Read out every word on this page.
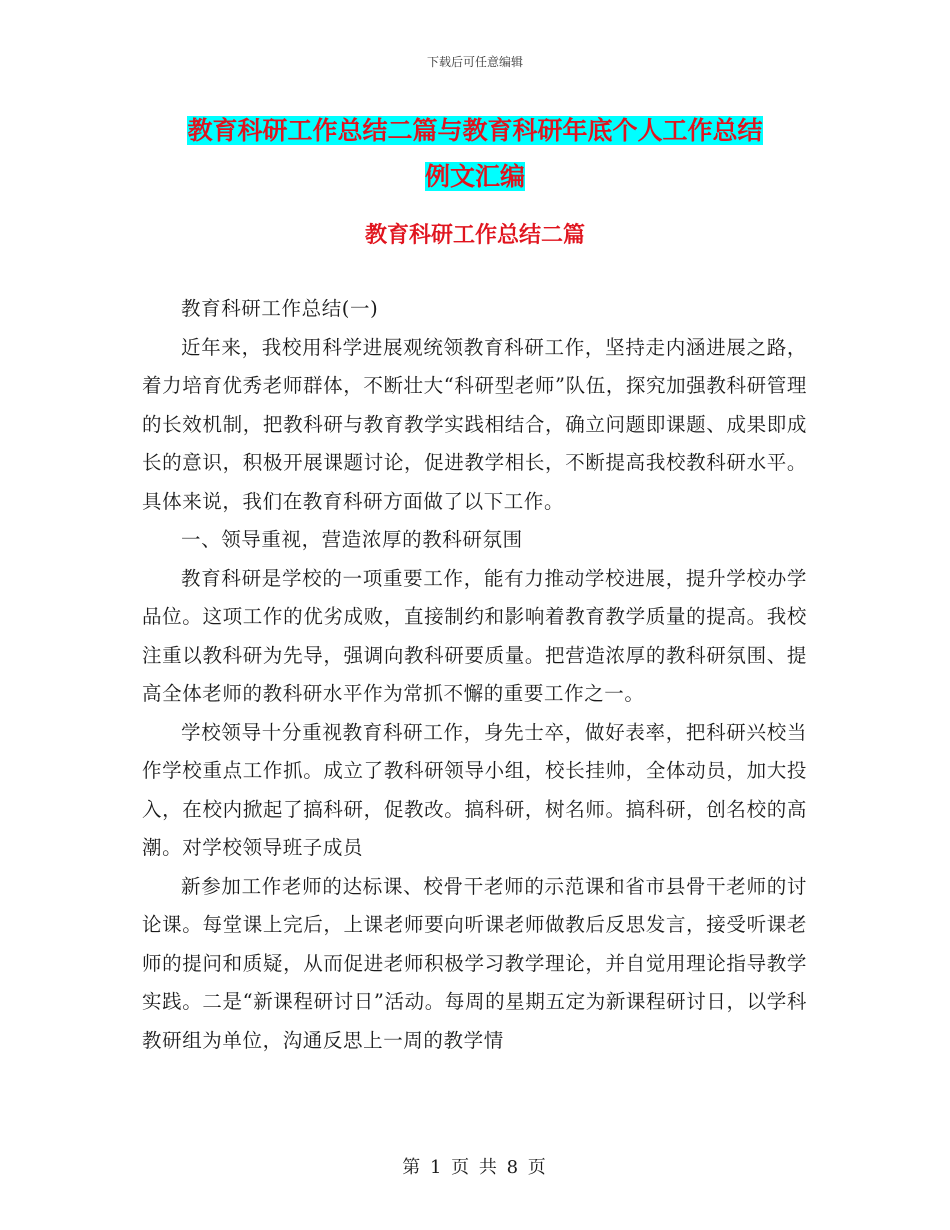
下载后可任意编辑
教育科研工作总结二篇与教育科研年底个人工作总结
例文汇编
教育科研工作总结二篇

教育科研工作总结(一)

近年来，我校用科学进展观统领教育科研工作，坚持走内涵进展之路，着力培育优秀老师群体，不断壮大“科研型老师”队伍，探究加强教科研管理的长效机制，把教科研与教育教学实践相结合，确立问题即课题、成果即成长的意识，积极开展课题讨论，促进教学相长，不断提高我校教科研水平。具体来说，我们在教育科研方面做了以下工作。

一、领导重视，营造浓厚的教科研氛围

教育科研是学校的一项重要工作，能有力推动学校进展，提升学校办学品位。这项工作的优劣成败，直接制约和影响着教育教学质量的提高。我校注重以教科研为先导，强调向教科研要质量。把营造浓厚的教科研氛围、提高全体老师的教科研水平作为常抓不懈的重要工作之一。

学校领导十分重视教育科研工作，身先士卒，做好表率，把科研兴校当作学校重点工作抓。成立了教科研领导小组，校长挂帅，全体动员，加大投入，在校内掀起了搞科研，促教改。搞科研，树名师。搞科研，创名校的高潮。对学校领导班子成员

新参加工作老师的达标课、校骨干老师的示范课和省市县骨干老师的讨论课。每堂课上完后，上课老师要向听课老师做教后反思发言，接受听课老师的提问和质疑，从而促进老师积极学习教学理论，并自觉用理论指导教学实践。二是“新课程研讨日”活动。每周的星期五定为新课程研讨日，以学科教研组为单位，沟通反思上一周的教学情

第 1 页 共 8 页
